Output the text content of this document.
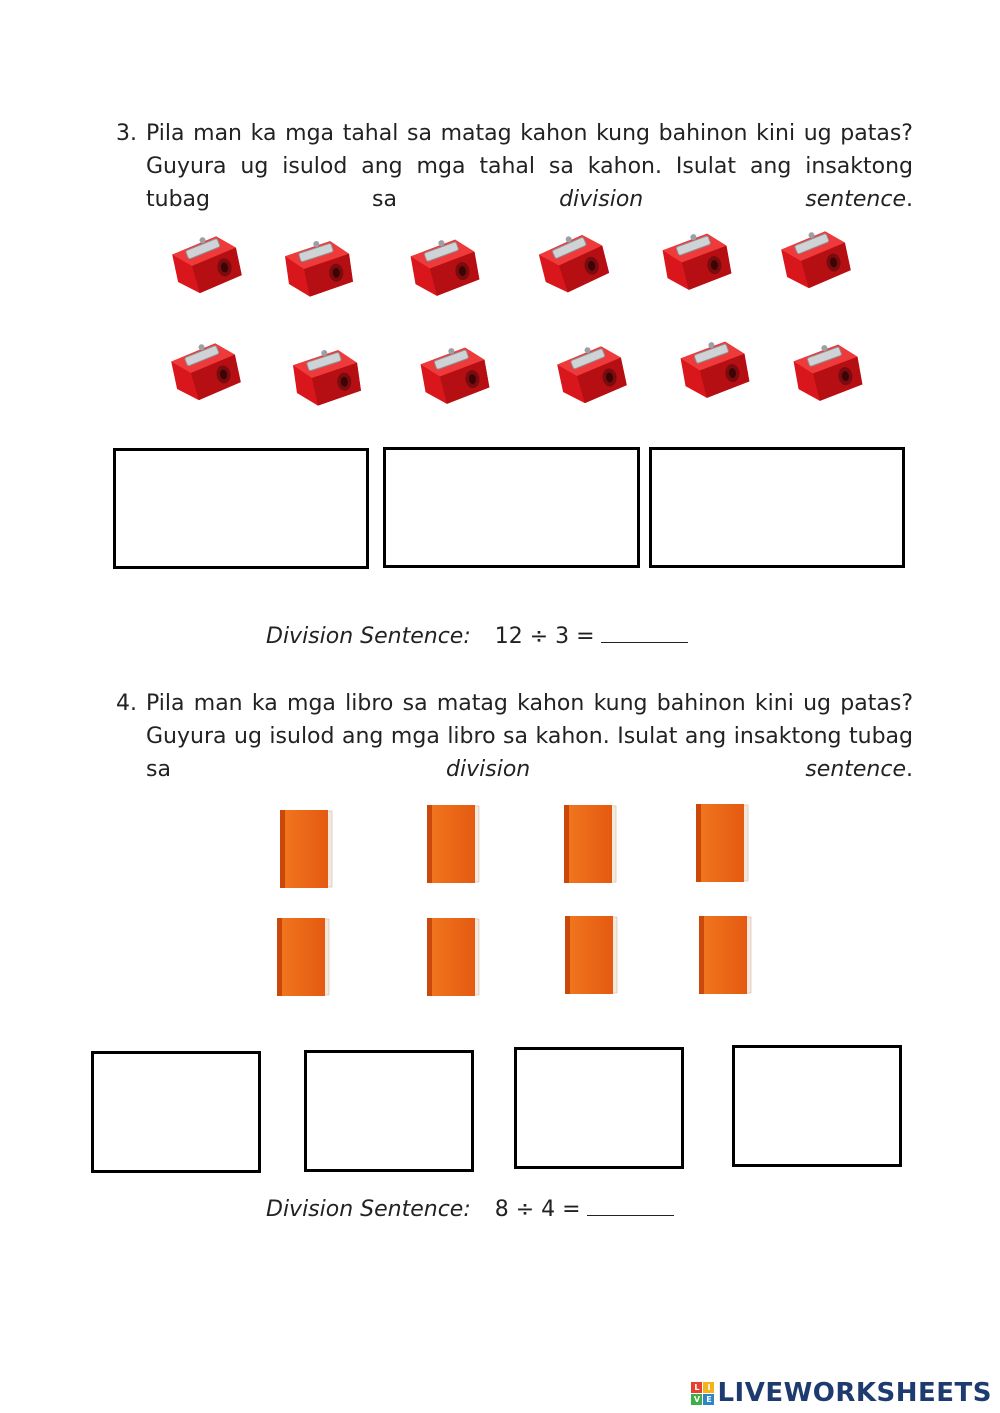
3. Pila man ka mga tahal sa matag kahon kung bahinon kini ug patas? Guyura ug isulod ang mga tahal sa kahon. Isulat ang insaktong tubag sa division sentence.
Division Sentence: 12 ÷ 3 =
4. Pila man ka mga libro sa matag kahon kung bahinon kini ug patas? Guyura ug isulod ang mga libro sa kahon. Isulat ang insaktong tubag sa division sentence.
Division Sentence: 8 ÷ 4 =
L I
V E LIVEWORKSHEETS
